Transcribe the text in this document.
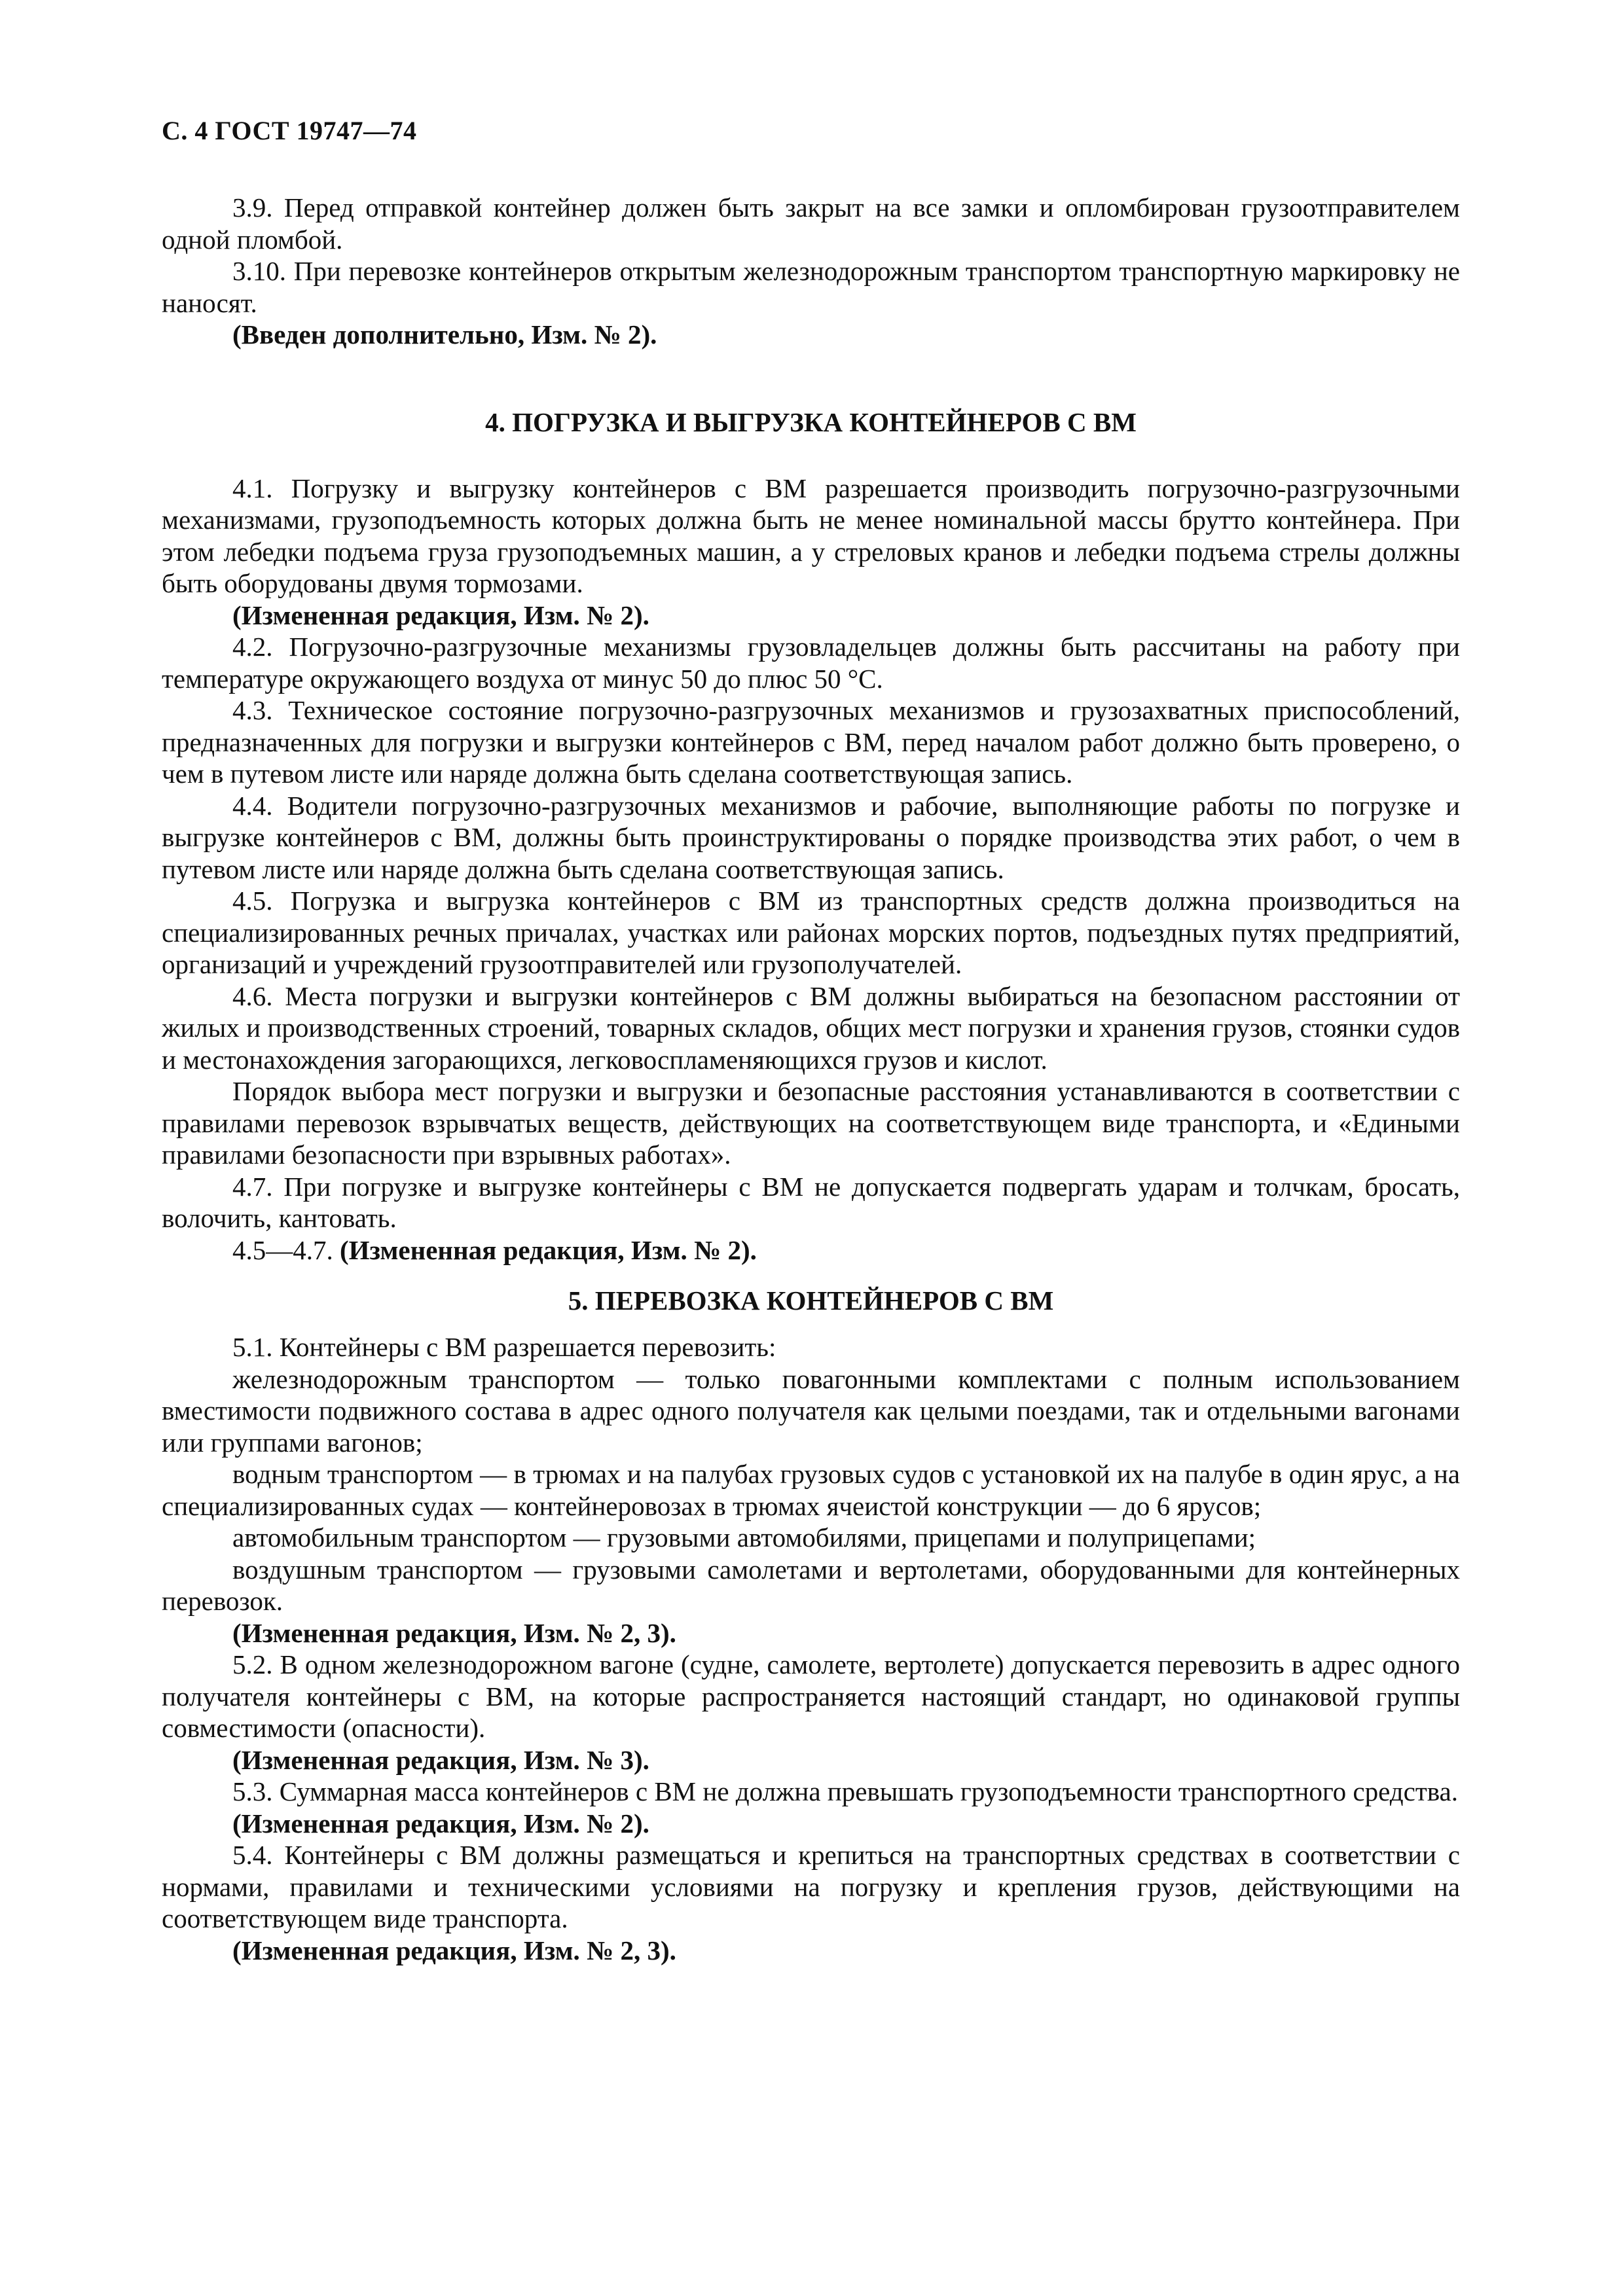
С. 4 ГОСТ 19747—74

3.9. Перед отправкой контейнер должен быть закрыт на все замки и опломбирован грузоотправителем одной пломбой.

3.10. При перевозке контейнеров открытым железнодорожным транспортом транспортную маркировку не наносят.

(Введен дополнительно, Изм. № 2).

4. ПОГРУЗКА И ВЫГРУЗКА КОНТЕЙНЕРОВ С ВМ

4.1. Погрузку и выгрузку контейнеров с ВМ разрешается производить погрузочно-разгрузочными механизмами, грузоподъемность которых должна быть не менее номинальной массы брутто контейнера. При этом лебедки подъема груза грузоподъемных машин, а у стреловых кранов и лебедки подъема стрелы должны быть оборудованы двумя тормозами.

(Измененная редакция, Изм. № 2).

4.2. Погрузочно-разгрузочные механизмы грузовладельцев должны быть рассчитаны на работу при температуре окружающего воздуха от минус 50 до плюс 50 °С.

4.3. Техническое состояние погрузочно-разгрузочных механизмов и грузозахватных приспособлений, предназначенных для погрузки и выгрузки контейнеров с ВМ, перед началом работ должно быть проверено, о чем в путевом листе или наряде должна быть сделана соответствующая запись.

4.4. Водители погрузочно-разгрузочных механизмов и рабочие, выполняющие работы по погрузке и выгрузке контейнеров с ВМ, должны быть проинструктированы о порядке производства этих работ, о чем в путевом листе или наряде должна быть сделана соответствующая запись.

4.5. Погрузка и выгрузка контейнеров с ВМ из транспортных средств должна производиться на специализированных речных причалах, участках или районах морских портов, подъездных путях предприятий, организаций и учреждений грузоотправителей или грузополучателей.

4.6. Места погрузки и выгрузки контейнеров с ВМ должны выбираться на безопасном расстоянии от жилых и производственных строений, товарных складов, общих мест погрузки и хранения грузов, стоянки судов и местонахождения загорающихся, легковоспламеняющихся грузов и кислот.

Порядок выбора мест погрузки и выгрузки и безопасные расстояния устанавливаются в соответствии с правилами перевозок взрывчатых веществ, действующих на соответствующем виде транспорта, и «Едиными правилами безопасности при взрывных работах».

4.7. При погрузке и выгрузке контейнеры с ВМ не допускается подвергать ударам и толчкам, бросать, волочить, кантовать.

4.5—4.7. (Измененная редакция, Изм. № 2).

5. ПЕРЕВОЗКА КОНТЕЙНЕРОВ С ВМ

5.1. Контейнеры с ВМ разрешается перевозить:

железнодорожным транспортом — только повагонными комплектами с полным использованием вместимости подвижного состава в адрес одного получателя как целыми поездами, так и отдельными вагонами или группами вагонов;

водным транспортом — в трюмах и на палубах грузовых судов с установкой их на палубе в один ярус, а на специализированных судах — контейнеровозах в трюмах ячеистой конструкции — до 6 ярусов;

автомобильным транспортом — грузовыми автомобилями, прицепами и полуприцепами;

воздушным транспортом — грузовыми самолетами и вертолетами, оборудованными для контейнерных перевозок.

(Измененная редакция, Изм. № 2, 3).

5.2. В одном железнодорожном вагоне (судне, самолете, вертолете) допускается перевозить в адрес одного получателя контейнеры с ВМ, на которые распространяется настоящий стандарт, но одинаковой группы совместимости (опасности).

(Измененная редакция, Изм. № 3).

5.3. Суммарная масса контейнеров с ВМ не должна превышать грузоподъемности транспортного средства.

(Измененная редакция, Изм. № 2).

5.4. Контейнеры с ВМ должны размещаться и крепиться на транспортных средствах в соответствии с нормами, правилами и техническими условиями на погрузку и крепления грузов, действующими на соответствующем виде транспорта.

(Измененная редакция, Изм. № 2, 3).
